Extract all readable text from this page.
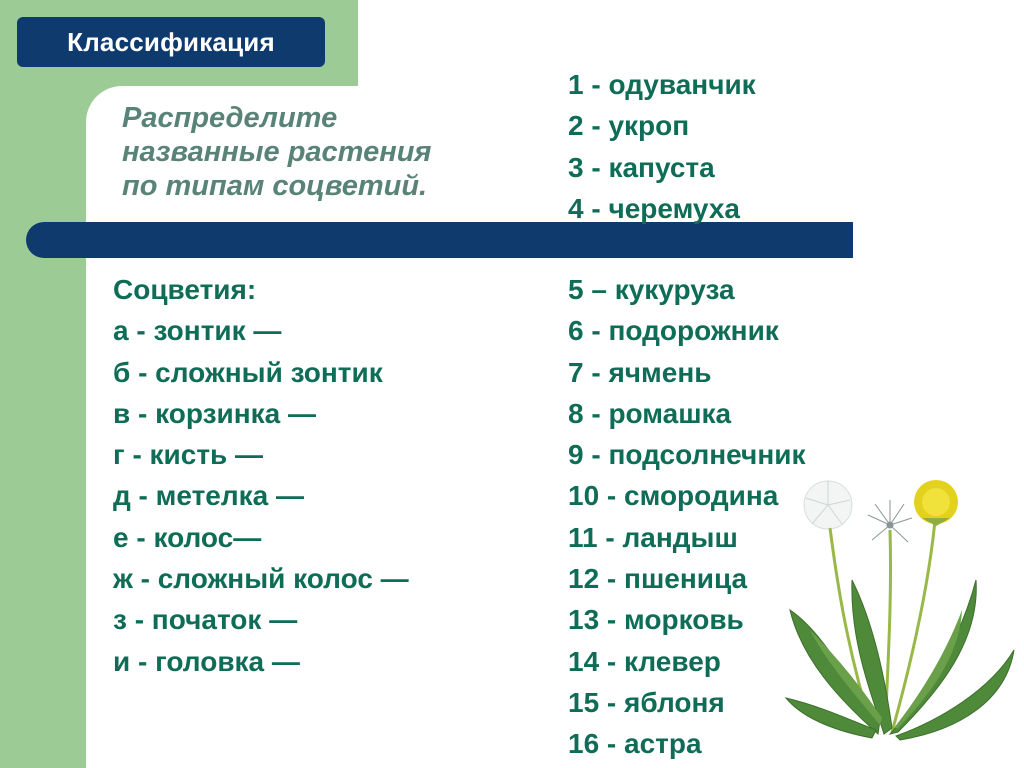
Классификация
Распределите
названные растения
по типам соцветий.
Соцветия:
а - зонтик —
б - сложный зонтик
в - корзинка —
г - кисть —
д - метелка —
е - колос—
ж - сложный колос —
з - початок —
и - головка —
1 - одуванчик
2 - укроп
3 - капуста
4 - черемуха
5 – кукуруза
6 - подорожник
7 - ячмень
8 - ромашка
9 - подсолнечник
10 - смородина
11 - ландыш
12 - пшеница
13 - морковь
14 - клевер
15 - яблоня
16 - астра
